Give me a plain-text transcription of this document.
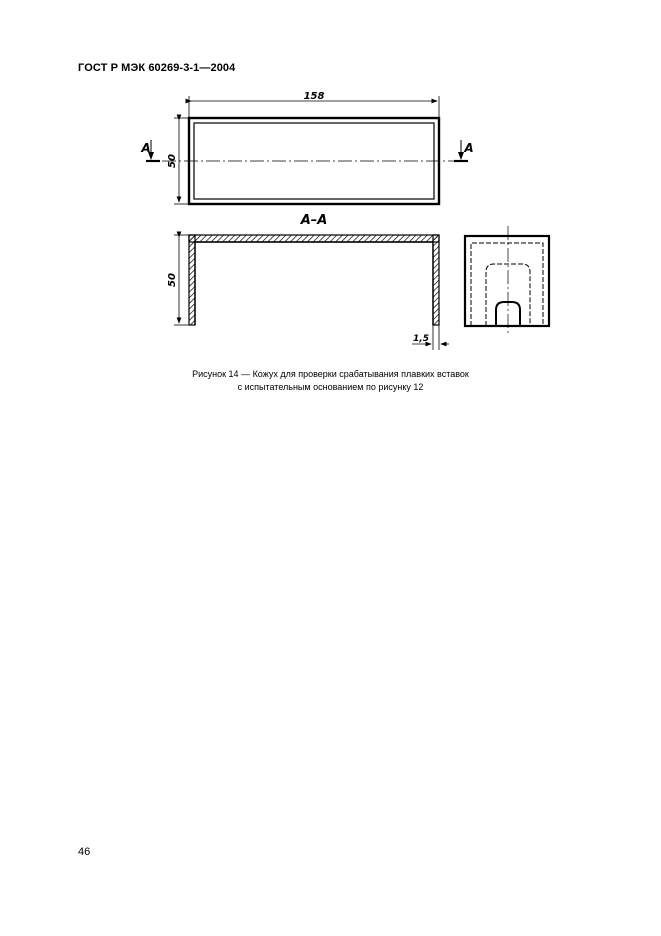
ГОСТ Р МЭК 60269-3-1—2004
158
50
A	A
A–A
50
1,5
Рисунок 14 — Кожух для проверки срабатывания плавких вставок
с испытательным основанием по рисунку 12
46
